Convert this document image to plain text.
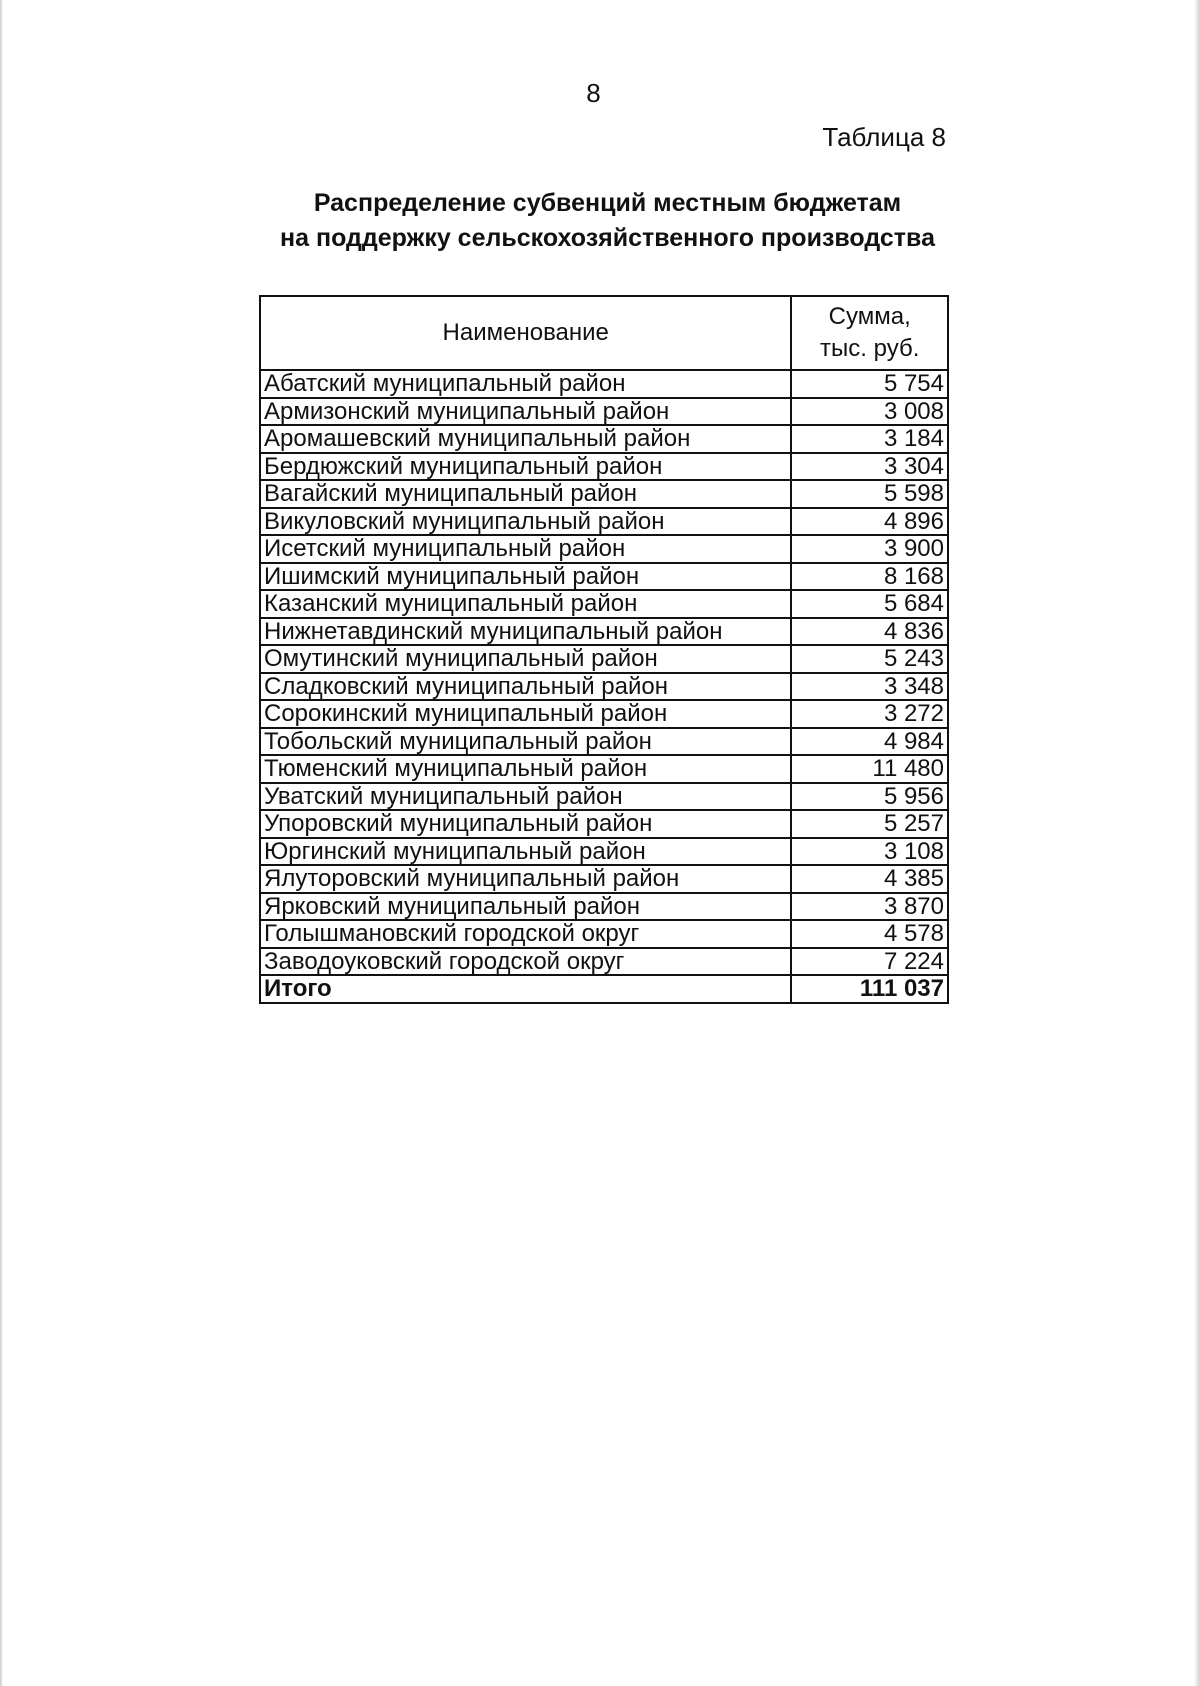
8
Таблица 8
Распределение субвенций местным бюджетам
на поддержку сельскохозяйственного производства
Наименование	Сумма,
тыс. руб.

Абатский муниципальный район	5 754
Армизонский муниципальный район	3 008
Аромашевский муниципальный район	3 184
Бердюжский муниципальный район	3 304
Вагайский муниципальный район	5 598
Викуловский муниципальный район	4 896
Исетский муниципальный район	3 900
Ишимский муниципальный район	8 168
Казанский муниципальный район	5 684
Нижнетавдинский муниципальный район	4 836
Омутинский муниципальный район	5 243
Сладковский муниципальный район	3 348
Сорокинский муниципальный район	3 272
Тобольский муниципальный район	4 984
Тюменский муниципальный район	11 480
Уватский муниципальный район	5 956
Упоровский муниципальный район	5 257
Юргинский муниципальный район	3 108
Ялуторовский муниципальный район	4 385
Ярковский муниципальный район	3 870
Голышмановский городской округ	4 578
Заводоуковский городской округ	7 224
Итого	111 037
